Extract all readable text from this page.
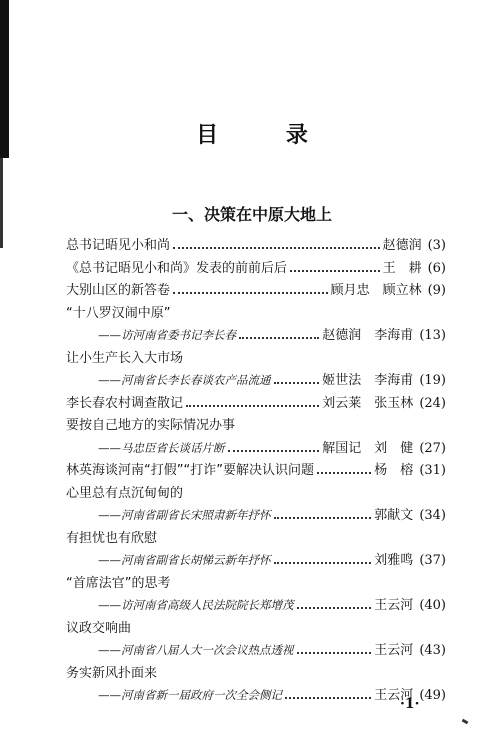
目 录
一、决策在中原大地上
总书记晤见小和尚	赵德润 (3)
《总书记晤见小和尚》发表的前前后后	王　耕 (6)
大别山区的新答卷	顾月忠　顾立林 (9)
“十八罗汉闹中原”
——访河南省委书记李长春	赵德润　李海甫 (13)
让小生产长入大市场
——河南省长李长春谈农产品流通	姬世法　李海甫 (19)
李长春农村调查散记	刘云莱　张玉林 (24)
要按自己地方的实际情况办事
——马忠臣省长谈话片断	解国记　刘　健 (27)
林英海谈河南“打假”“打诈”要解决认识问题	杨　榕 (31)
心里总有点沉甸甸的
——河南省副省长宋照肃新年抒怀	郭献文 (34)
有担忧也有欣慰
——河南省副省长胡悌云新年抒怀	刘雅鸣 (37)
“首席法官”的思考
——访河南省高级人民法院院长郑增茂	王云河 (40)
议政交响曲
——河南省八届人大一次会议热点透视	王云河 (43)
务实新风扑面来
——河南省新一届政府一次全会侧记	王云河 (49)
·1·
